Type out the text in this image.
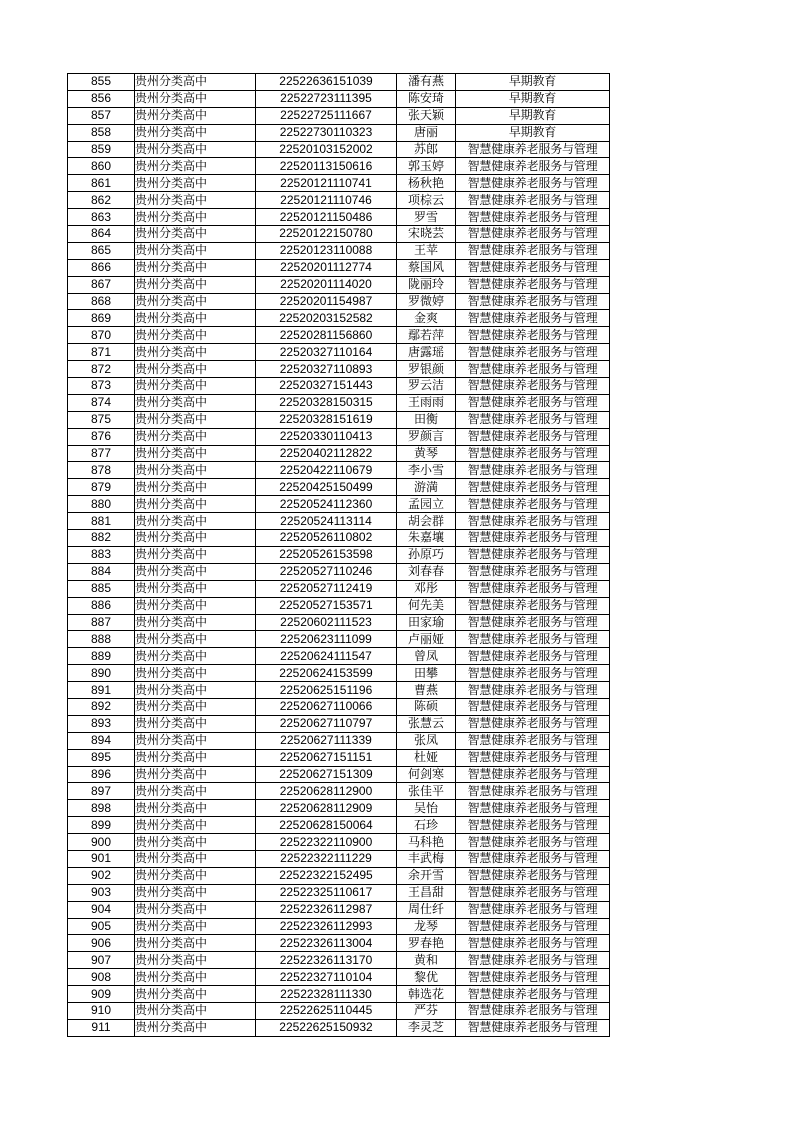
855	贵州分类高中	22522636151039	潘有燕	早期教育
856	贵州分类高中	22522723111395	陈安琦	早期教育
857	贵州分类高中	22522725111667	张天颖	早期教育
858	贵州分类高中	22522730110323	唐丽	早期教育
859	贵州分类高中	22520103152002	苏郎	智慧健康养老服务与管理
860	贵州分类高中	22520113150616	郭玉婷	智慧健康养老服务与管理
861	贵州分类高中	22520121110741	杨秋艳	智慧健康养老服务与管理
862	贵州分类高中	22520121110746	项棕云	智慧健康养老服务与管理
863	贵州分类高中	22520121150486	罗雪	智慧健康养老服务与管理
864	贵州分类高中	22520122150780	宋晓芸	智慧健康养老服务与管理
865	贵州分类高中	22520123110088	王苹	智慧健康养老服务与管理
866	贵州分类高中	22520201112774	蔡国风	智慧健康养老服务与管理
867	贵州分类高中	22520201114020	陇丽玲	智慧健康养老服务与管理
868	贵州分类高中	22520201154987	罗微婷	智慧健康养老服务与管理
869	贵州分类高中	22520203152582	金爽	智慧健康养老服务与管理
870	贵州分类高中	22520281156860	鄢若萍	智慧健康养老服务与管理
871	贵州分类高中	22520327110164	唐露瑶	智慧健康养老服务与管理
872	贵州分类高中	22520327110893	罗银颜	智慧健康养老服务与管理
873	贵州分类高中	22520327151443	罗云洁	智慧健康养老服务与管理
874	贵州分类高中	22520328150315	王雨雨	智慧健康养老服务与管理
875	贵州分类高中	22520328151619	田衡	智慧健康养老服务与管理
876	贵州分类高中	22520330110413	罗颜言	智慧健康养老服务与管理
877	贵州分类高中	22520402112822	黄琴	智慧健康养老服务与管理
878	贵州分类高中	22520422110679	李小雪	智慧健康养老服务与管理
879	贵州分类高中	22520425150499	游満	智慧健康养老服务与管理
880	贵州分类高中	22520524112360	孟园立	智慧健康养老服务与管理
881	贵州分类高中	22520524113114	胡会群	智慧健康养老服务与管理
882	贵州分类高中	22520526110802	朱嘉壤	智慧健康养老服务与管理
883	贵州分类高中	22520526153598	孙原巧	智慧健康养老服务与管理
884	贵州分类高中	22520527110246	刘春春	智慧健康养老服务与管理
885	贵州分类高中	22520527112419	邓彤	智慧健康养老服务与管理
886	贵州分类高中	22520527153571	何先美	智慧健康养老服务与管理
887	贵州分类高中	22520602111523	田家瑜	智慧健康养老服务与管理
888	贵州分类高中	22520623111099	卢丽娅	智慧健康养老服务与管理
889	贵州分类高中	22520624111547	曾凤	智慧健康养老服务与管理
890	贵州分类高中	22520624153599	田攀	智慧健康养老服务与管理
891	贵州分类高中	22520625151196	曹燕	智慧健康养老服务与管理
892	贵州分类高中	22520627110066	陈硕	智慧健康养老服务与管理
893	贵州分类高中	22520627110797	张慧云	智慧健康养老服务与管理
894	贵州分类高中	22520627111339	张凤	智慧健康养老服务与管理
895	贵州分类高中	22520627151151	杜娅	智慧健康养老服务与管理
896	贵州分类高中	22520627151309	何剑寒	智慧健康养老服务与管理
897	贵州分类高中	22520628112900	张佳平	智慧健康养老服务与管理
898	贵州分类高中	22520628112909	吴怡	智慧健康养老服务与管理
899	贵州分类高中	22520628150064	石珍	智慧健康养老服务与管理
900	贵州分类高中	22522322110900	马科艳	智慧健康养老服务与管理
901	贵州分类高中	22522322111229	丰武梅	智慧健康养老服务与管理
902	贵州分类高中	22522322152495	余开雪	智慧健康养老服务与管理
903	贵州分类高中	22522325110617	王昌甜	智慧健康养老服务与管理
904	贵州分类高中	22522326112987	周仕纤	智慧健康养老服务与管理
905	贵州分类高中	22522326112993	龙琴	智慧健康养老服务与管理
906	贵州分类高中	22522326113004	罗春艳	智慧健康养老服务与管理
907	贵州分类高中	22522326113170	黄和	智慧健康养老服务与管理
908	贵州分类高中	22522327110104	黎优	智慧健康养老服务与管理
909	贵州分类高中	22522328111330	韩选花	智慧健康养老服务与管理
910	贵州分类高中	22522625110445	严芬	智慧健康养老服务与管理
911	贵州分类高中	22522625150932	李灵芝	智慧健康养老服务与管理
